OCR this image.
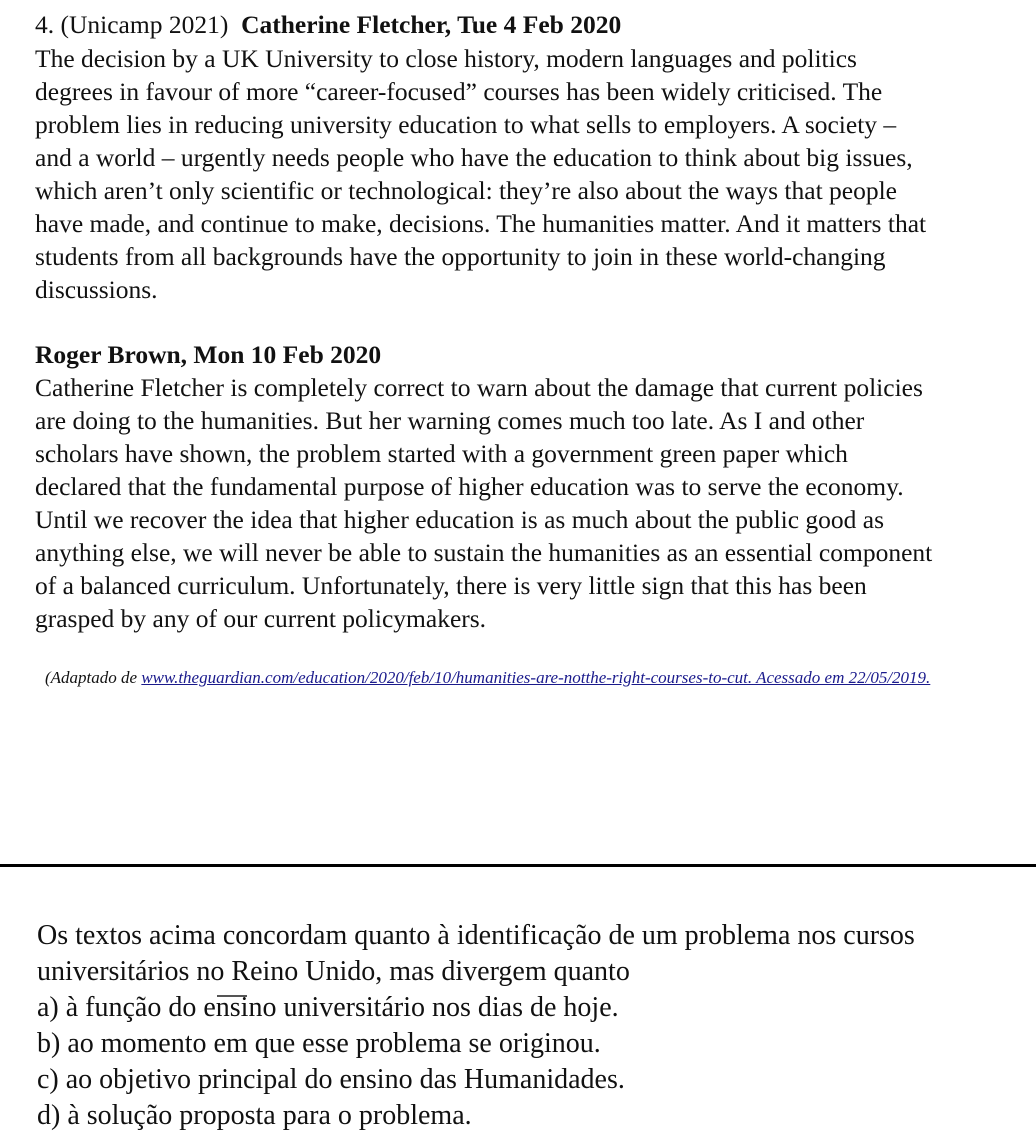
4. (Unicamp 2021) Catherine Fletcher, Tue 4 Feb 2020
The decision by a UK University to close history, modern languages and politics
degrees in favour of more “career-focused” courses has been widely criticised. The
problem lies in reducing university education to what sells to employers. A society –
and a world – urgently needs people who have the education to think about big issues,
which aren’t only scientific or technological: they’re also about the ways that people
have made, and continue to make, decisions. The humanities matter. And it matters that
students from all backgrounds have the opportunity to join in these world-changing
discussions.
Roger Brown, Mon 10 Feb 2020
Catherine Fletcher is completely correct to warn about the damage that current policies
are doing to the humanities. But her warning comes much too late. As I and other
scholars have shown, the problem started with a government green paper which
declared that the fundamental purpose of higher education was to serve the economy.
Until we recover the idea that higher education is as much about the public good as
anything else, we will never be able to sustain the humanities as an essential component
of a balanced curriculum. Unfortunately, there is very little sign that this has been
grasped by any of our current policymakers.
(Adaptado de www.theguardian.com/education/2020/feb/10/humanities-are-notthe-right-courses-to-cut. Acessado em 22/05/2019.
Os textos acima concordam quanto à identificação de um problema nos cursos
universitários no Reino Unido, mas divergem quanto
a) à função do ensino universitário nos dias de hoje.
b) ao momento em que esse problema se originou.
c) ao objetivo principal do ensino das Humanidades.
d) à solução proposta para o problema.
